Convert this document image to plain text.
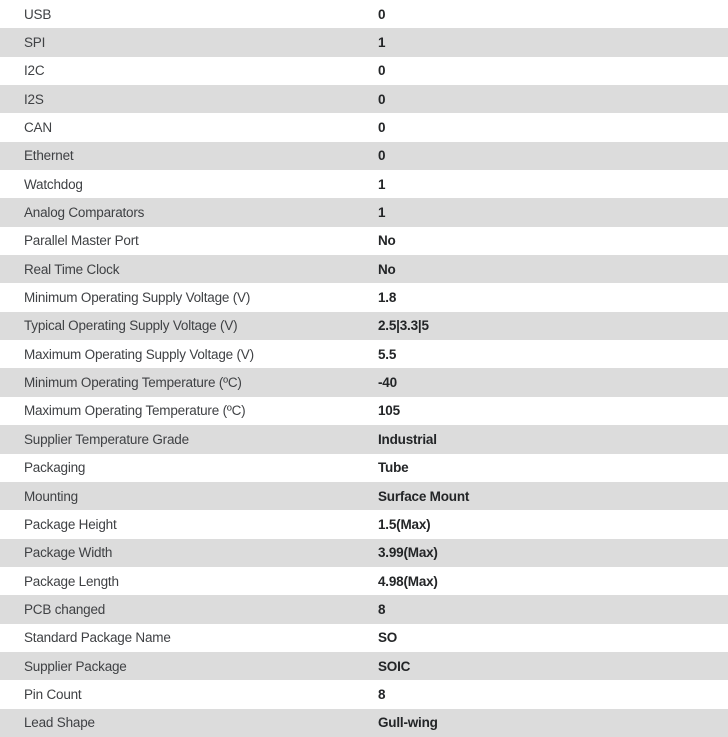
USB	0
SPI	1
I2C	0
I2S	0
CAN	0
Ethernet	0
Watchdog	1
Analog Comparators	1
Parallel Master Port	No
Real Time Clock	No
Minimum Operating Supply Voltage (V)	1.8
Typical Operating Supply Voltage (V)	2.5|3.3|5
Maximum Operating Supply Voltage (V)	5.5
Minimum Operating Temperature (ºC)	-40
Maximum Operating Temperature (ºC)	105
Supplier Temperature Grade	Industrial
Packaging	Tube
Mounting	Surface Mount
Package Height	1.5(Max)
Package Width	3.99(Max)
Package Length	4.98(Max)
PCB changed	8
Standard Package Name	SO
Supplier Package	SOIC
Pin Count	8
Lead Shape	Gull-wing
